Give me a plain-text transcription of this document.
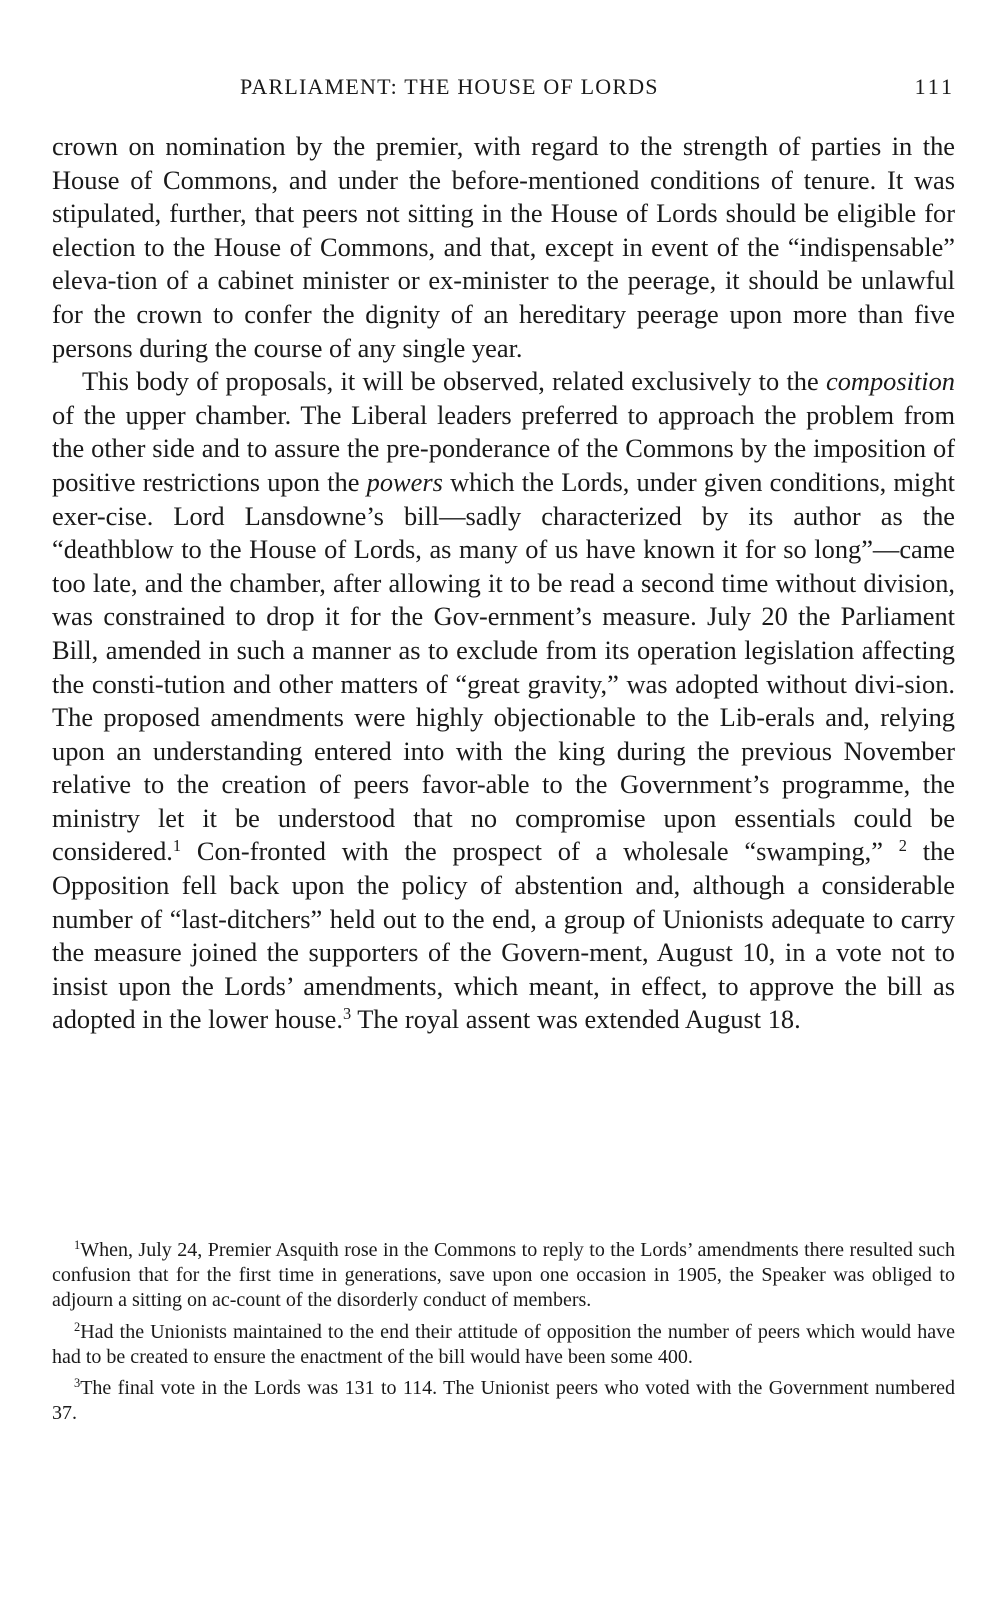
PARLIAMENT: THE HOUSE OF LORDS	111

crown on nomination by the premier, with regard to the strength of parties in the House of Commons, and under the before-mentioned conditions of tenure. It was stipulated, further, that peers not sitting in the House of Lords should be eligible for election to the House of Commons, and that, except in event of the “indispensable” eleva-tion of a cabinet minister or ex-minister to the peerage, it should be unlawful for the crown to confer the dignity of an hereditary peerage upon more than five persons during the course of any single year.

This body of proposals, it will be observed, related exclusively to the composition of the upper chamber. The Liberal leaders preferred to approach the problem from the other side and to assure the pre-ponderance of the Commons by the imposition of positive restrictions upon the powers which the Lords, under given conditions, might exer-cise. Lord Lansdowne’s bill—sadly characterized by its author as the “deathblow to the House of Lords, as many of us have known it for so long”—came too late, and the chamber, after allowing it to be read a second time without division, was constrained to drop it for the Gov-ernment’s measure. July 20 the Parliament Bill, amended in such a manner as to exclude from its operation legislation affecting the consti-tution and other matters of “great gravity,” was adopted without divi-sion. The proposed amendments were highly objectionable to the Lib-erals and, relying upon an understanding entered into with the king during the previous November relative to the creation of peers favor-able to the Government’s programme, the ministry let it be understood that no compromise upon essentials could be considered.$^1$ Con-fronted with the prospect of a wholesale “swamping,” $^2$ the Opposition fell back upon the policy of abstention and, although a considerable number of “last-ditchers” held out to the end, a group of Unionists adequate to carry the measure joined the supporters of the Govern-ment, August 10, in a vote not to insist upon the Lords’ amendments, which meant, in effect, to approve the bill as adopted in the lower house.$^3$ The royal assent was extended August 18.

$^1$When, July 24, Premier Asquith rose in the Commons to reply to the Lords’ amendments there resulted such confusion that for the first time in generations, save upon one occasion in 1905, the Speaker was obliged to adjourn a sitting on ac-count of the disorderly conduct of members.

$^2$Had the Unionists maintained to the end their attitude of opposition the number of peers which would have had to be created to ensure the enactment of the bill would have been some 400.

$^3$The final vote in the Lords was 131 to 114. The Unionist peers who voted with the Government numbered 37.
